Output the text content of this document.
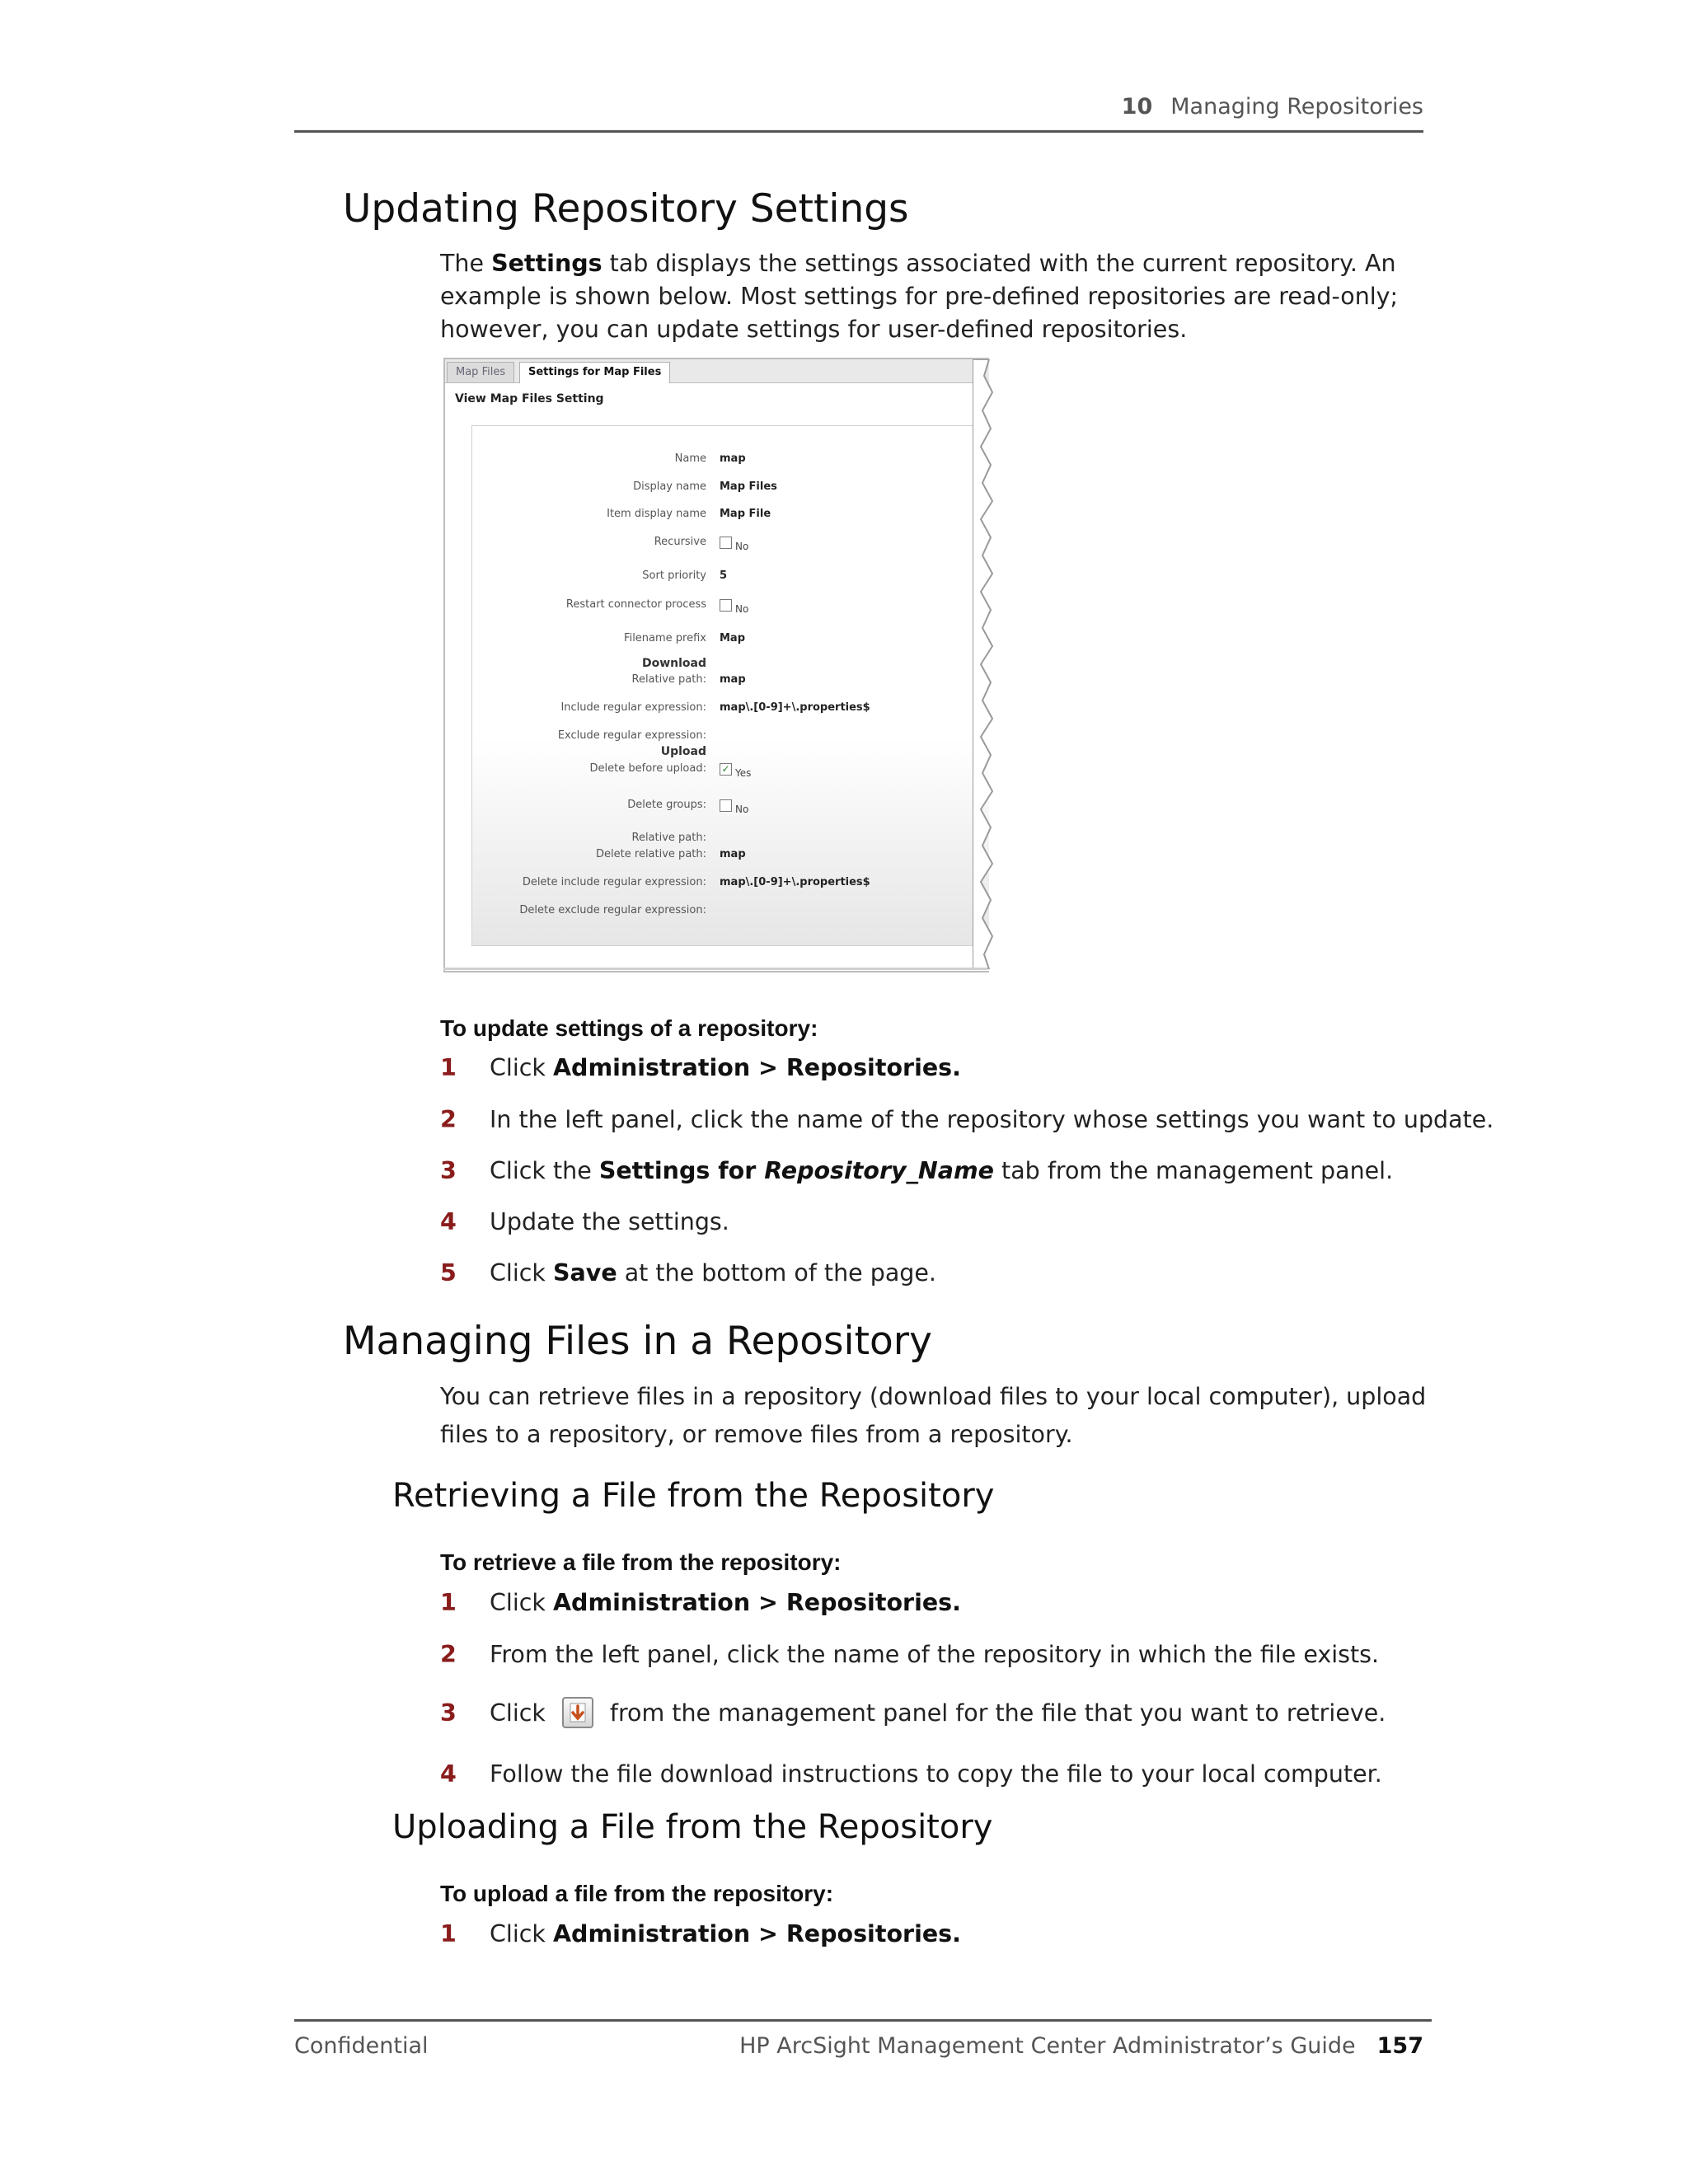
10 Managing Repositories
Updating Repository Settings

The Settings tab displays the settings associated with the current repository. An example is shown below. Most settings for pre-defined repositories are read-only; however, you can update settings for user-defined repositories.

Map Files	Settings for Map Files
View Map Files Setting
Name map
Display name Map Files
Item display name Map File
Recursive	No
Sort priority 5
Restart connector process	No
Filename prefix Map
Download
Relative path: map
Include regular expression: map\.[0-9]+\.properties$
Exclude regular expression:
Upload
Delete before upload: ✓ Yes
Delete groups:	No
Relative path:
Delete relative path: map
Delete include regular expression: map\.[0-9]+\.properties$
Delete exclude regular expression:
To update settings of a repository:
1	Click Administration > Repositories.
2	In the left panel, click the name of the repository whose settings you want to update.
3	Click the Settings for Repository_Name tab from the management panel.
4	Update the settings.
5	Click Save at the bottom of the page.
Managing Files in a Repository

You can retrieve files in a repository (download files to your local computer), upload files to a repository, or remove files from a repository.

Retrieving a File from the Repository
To retrieve a file from the repository:
1	Click Administration > Repositories.
2	From the left panel, click the name of the repository in which the file exists.
3	Click	from the management panel for the file that you want to retrieve.
4	Follow the file download instructions to copy the file to your local computer.
Uploading a File from the Repository
To upload a file from the repository:
1	Click Administration > Repositories.
Confidential	HP ArcSight Management Center Administrator’s Guide 157
